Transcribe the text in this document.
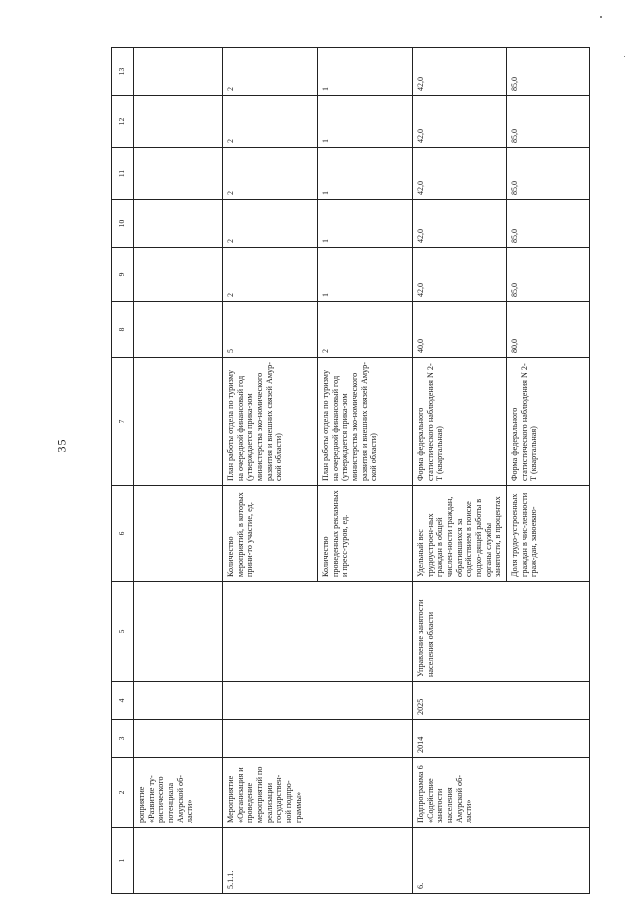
35
1	2	3	4	5	6	7	8	9	10	11	12	13
	роприятие «Развитие ту-ристического потенциала Амурской об-ласти»											
5.1.1.	Мероприятие «Организация и проведение мероприятий по реализации государствен-ной подпро-граммы»				Количество мероприятий, в которых прини-то участие, ед.	План работы отдела по туризму на очередной финансовый год (утверждается прика-зом министерства эко-номического развития и внешних связей Амур-ской области)	5	2	2	2	2	2
					Количество проведенных рекламных и пресс-туров, ед.	План работы отдела по туризму на очередной финансовый год (утверждается прика-зом министерства эко-номического развития и внешних связей Амур-ской области)	2	1	1	1	1	1
6.	Подпрограмма 6 «Содействие занятости населения Амурской об-ласти»	2014	2025	Управление занятости населения области	Удельный вес трудоустроен-ных граждан в общей числен-ности граждан, обратившихся за содействием в поиске подхо-дящей работы в органы службы занятости, в процентах	Форма федерального статистического наблюдения N 2-Т (квартальная)	40,0	42,0	42,0	42,0	42,0	42,0
					Доля трудо-устроенных граждан в чис-ленности граж-дан, завоеваю-	Форма федерального статистического наблюдения N 2-Т (квартальная)	80,0	85,0	85,0	85,0	85,0	85,0
